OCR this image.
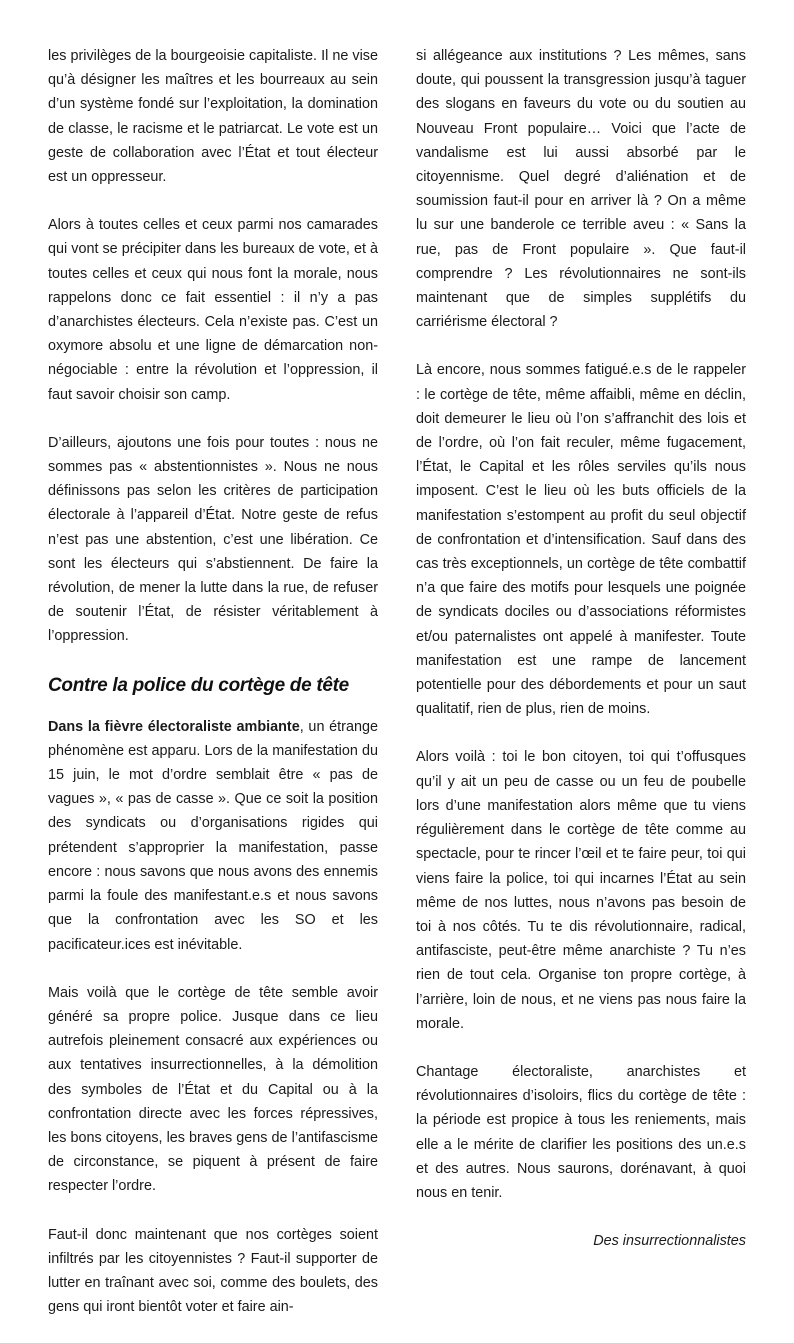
les privilèges de la bourgeoisie capitaliste. Il ne vise qu’à désigner les maîtres et les bourreaux au sein d’un système fondé sur l’exploitation, la domination de classe, le racisme et le patriarcat. Le vote est un geste de collaboration avec l’État et tout électeur est un oppresseur.

Alors à toutes celles et ceux parmi nos camarades qui vont se précipiter dans les bureaux de vote, et à toutes celles et ceux qui nous font la morale, nous rappelons donc ce fait essentiel : il n’y a pas d’anarchistes électeurs. Cela n’existe pas. C’est un oxymore absolu et une ligne de démarcation non-négociable : entre la révolution et l’oppression, il faut savoir choisir son camp.

D’ailleurs, ajoutons une fois pour toutes : nous ne sommes pas « abstentionnistes ». Nous ne nous définissons pas selon les critères de participation électorale à l’appareil d’État. Notre geste de refus n’est pas une abstention, c’est une libération. Ce sont les électeurs qui s’abstiennent. De faire la révolution, de mener la lutte dans la rue, de refuser de soutenir l’État, de résister véritablement à l’oppression.

Contre la police du cortège de tête

Dans la fièvre électoraliste ambiante, un étrange phénomène est apparu. Lors de la manifestation du 15 juin, le mot d’ordre semblait être « pas de vagues », « pas de casse ». Que ce soit la position des syndicats ou d’organisations rigides qui prétendent s’approprier la manifestation, passe encore : nous savons que nous avons des ennemis parmi la foule des manifestant.e.s et nous savons que la confrontation avec les SO et les pacificateur.ices est inévitable.

Mais voilà que le cortège de tête semble avoir généré sa propre police. Jusque dans ce lieu autrefois pleinement consacré aux expériences ou aux tentatives insurrectionnelles, à la démolition des symboles de l’État et du Capital ou à la confrontation directe avec les forces répressives, les bons citoyens, les braves gens de l’antifascisme de circonstance, se piquent à présent de faire respecter l’ordre.

Faut-il donc maintenant que nos cortèges soient infiltrés par les citoyennistes ? Faut-il supporter de lutter en traînant avec soi, comme des boulets, des gens qui iront bientôt voter et faire ain-

si allégeance aux institutions ? Les mêmes, sans doute, qui poussent la transgression jusqu’à taguer des slogans en faveurs du vote ou du soutien au Nouveau Front populaire… Voici que l’acte de vandalisme est lui aussi absorbé par le citoyennisme. Quel degré d’aliénation et de soumission faut-il pour en arriver là ? On a même lu sur une banderole ce terrible aveu : « Sans la rue, pas de Front populaire ». Que faut-il comprendre ? Les révolutionnaires ne sont-ils maintenant que de simples supplétifs du carriérisme électoral ?

Là encore, nous sommes fatigué.e.s de le rappeler : le cortège de tête, même affaibli, même en déclin, doit demeurer le lieu où l’on s’affranchit des lois et de l’ordre, où l’on fait reculer, même fugacement, l’État, le Capital et les rôles serviles qu’ils nous imposent. C’est le lieu où les buts officiels de la manifestation s’estompent au profit du seul objectif de confrontation et d’intensification. Sauf dans des cas très exceptionnels, un cortège de tête combattif n’a que faire des motifs pour lesquels une poignée de syndicats dociles ou d’associations réformistes et/ou paternalistes ont appelé à manifester. Toute manifestation est une rampe de lancement potentielle pour des débordements et pour un saut qualitatif, rien de plus, rien de moins.

Alors voilà : toi le bon citoyen, toi qui t’offusques qu’il y ait un peu de casse ou un feu de poubelle lors d’une manifestation alors même que tu viens régulièrement dans le cortège de tête comme au spectacle, pour te rincer l’œil et te faire peur, toi qui viens faire la police, toi qui incarnes l’État au sein même de nos luttes, nous n’avons pas besoin de toi à nos côtés. Tu te dis révolutionnaire, radical, antifasciste, peut-être même anarchiste ? Tu n’es rien de tout cela. Organise ton propre cortège, à l’arrière, loin de nous, et ne viens pas nous faire la morale.

Chantage électoraliste, anarchistes et révolutionnaires d’isoloirs, flics du cortège de tête : la période est propice à tous les reniements, mais elle a le mérite de clarifier les positions des un.e.s et des autres. Nous saurons, dorénavant, à quoi nous en tenir.

Des insurrectionnalistes
